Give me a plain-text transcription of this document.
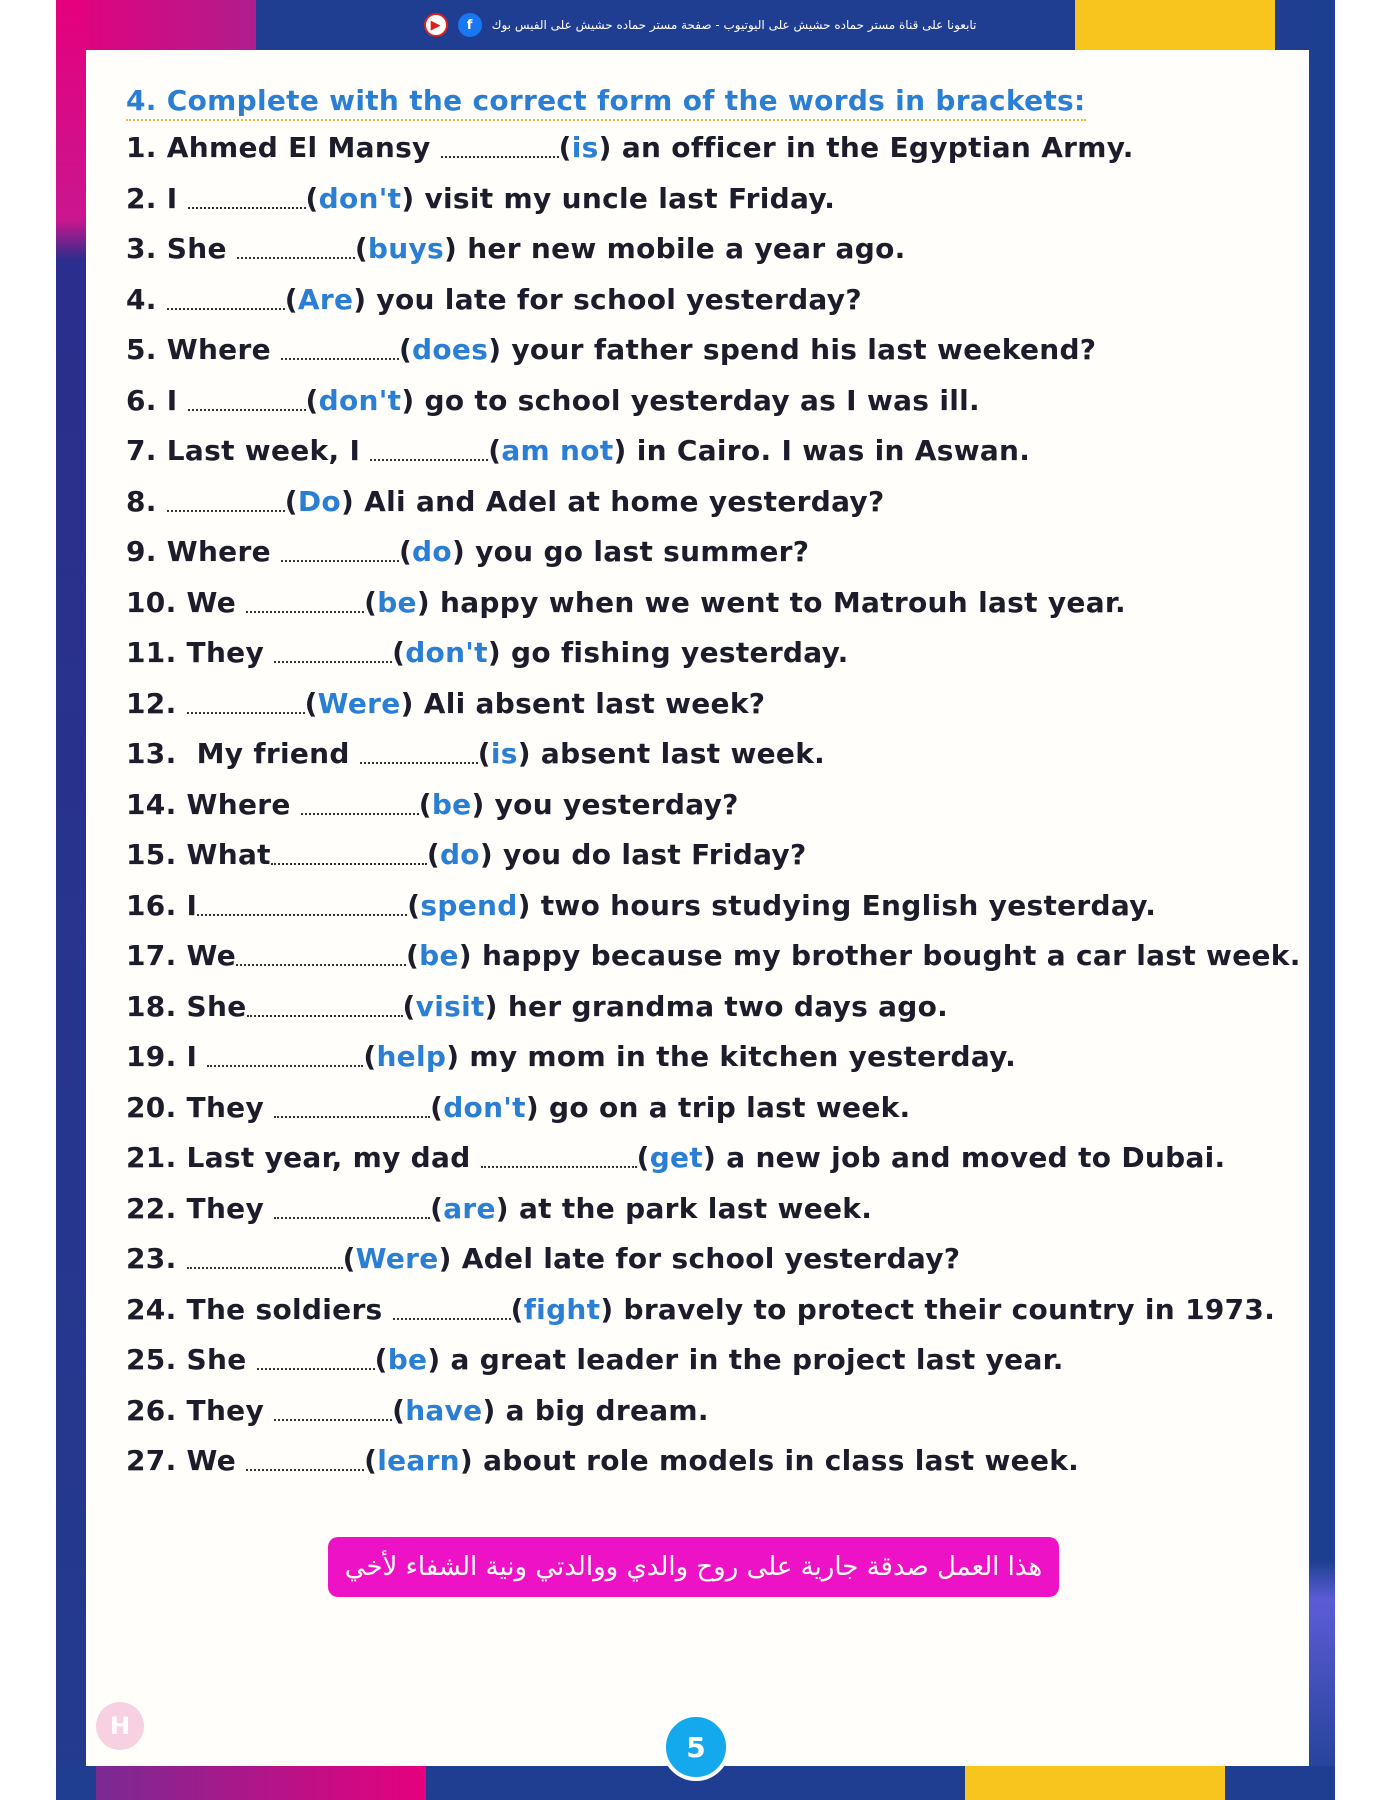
تابعونا على قناة مستر حماده حشيش على اليوتيوب - صفحة مستر حماده حشيش على الفيس بوك
f
▶
4. Complete with the correct form of the words in brackets:
1. Ahmed El Mansy	(is) an officer in the Egyptian Army.
2. I	(don't) visit my uncle last Friday.
3. She	(buys) her new mobile a year ago.
4.	(Are) you late for school yesterday?
5. Where	(does) your father spend his last weekend?
6. I	(don't) go to school yesterday as I was ill.
7. Last week, I	(am not) in Cairo. I was in Aswan.
8.	(Do) Ali and Adel at home yesterday?
9. Where	(do) you go last summer?
10. We	(be) happy when we went to Matrouh last year.
11. They	(don't) go fishing yesterday.
12.	(Were) Ali absent last week?
13.  My friend	(is) absent last week.
14. Where	(be) you yesterday?
15. What	(do) you do last Friday?
16. I	(spend) two hours studying English yesterday.
17. We	(be) happy because my brother bought a car last week.
18. She	(visit) her grandma two days ago.
19. I	(help) my mom in the kitchen yesterday.
20. They	(don't) go on a trip last week.
21. Last year, my dad	(get) a new job and moved to Dubai.
22. They	(are) at the park last week.
23.	(Were) Adel late for school yesterday?
24. The soldiers	(fight) bravely to protect their country in 1973.
25. She	(be) a great leader in the project last year.
26. They	(have) a big dream.
27. We	(learn) about role models in class last week.
هذا العمل صدقة جارية على روح والدي ووالدتي ونية الشفاء لأخي
H
5
